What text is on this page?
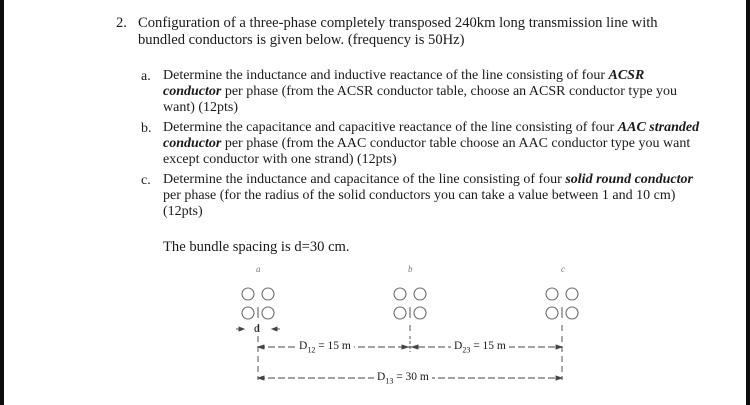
2. Configuration of a three-phase completely transposed 240km long transmission line with
bundled conductors is given below. (frequency is 50Hz)
a. Determine the inductance and inductive reactance of the line consisting of four ACSR conductor per phase (from the ACSR conductor table, choose an ACSR conductor type you want) (12pts)
b. Determine the capacitance and capacitive reactance of the line consisting of four AAC stranded conductor per phase (from the AAC conductor table choose an AAC conductor type you want except conductor with one strand) (12pts)
c. Determine the inductance and capacitance of the line consisting of four solid round conductor per phase (for the radius of the solid conductors you can take a value between 1 and 10 cm) (12pts)
The bundle spacing is d=30 cm.
a	b	c
d
$D_{12} = 15$ m	$D_{23} = 15$ m
$D_{13} = 30$ m
